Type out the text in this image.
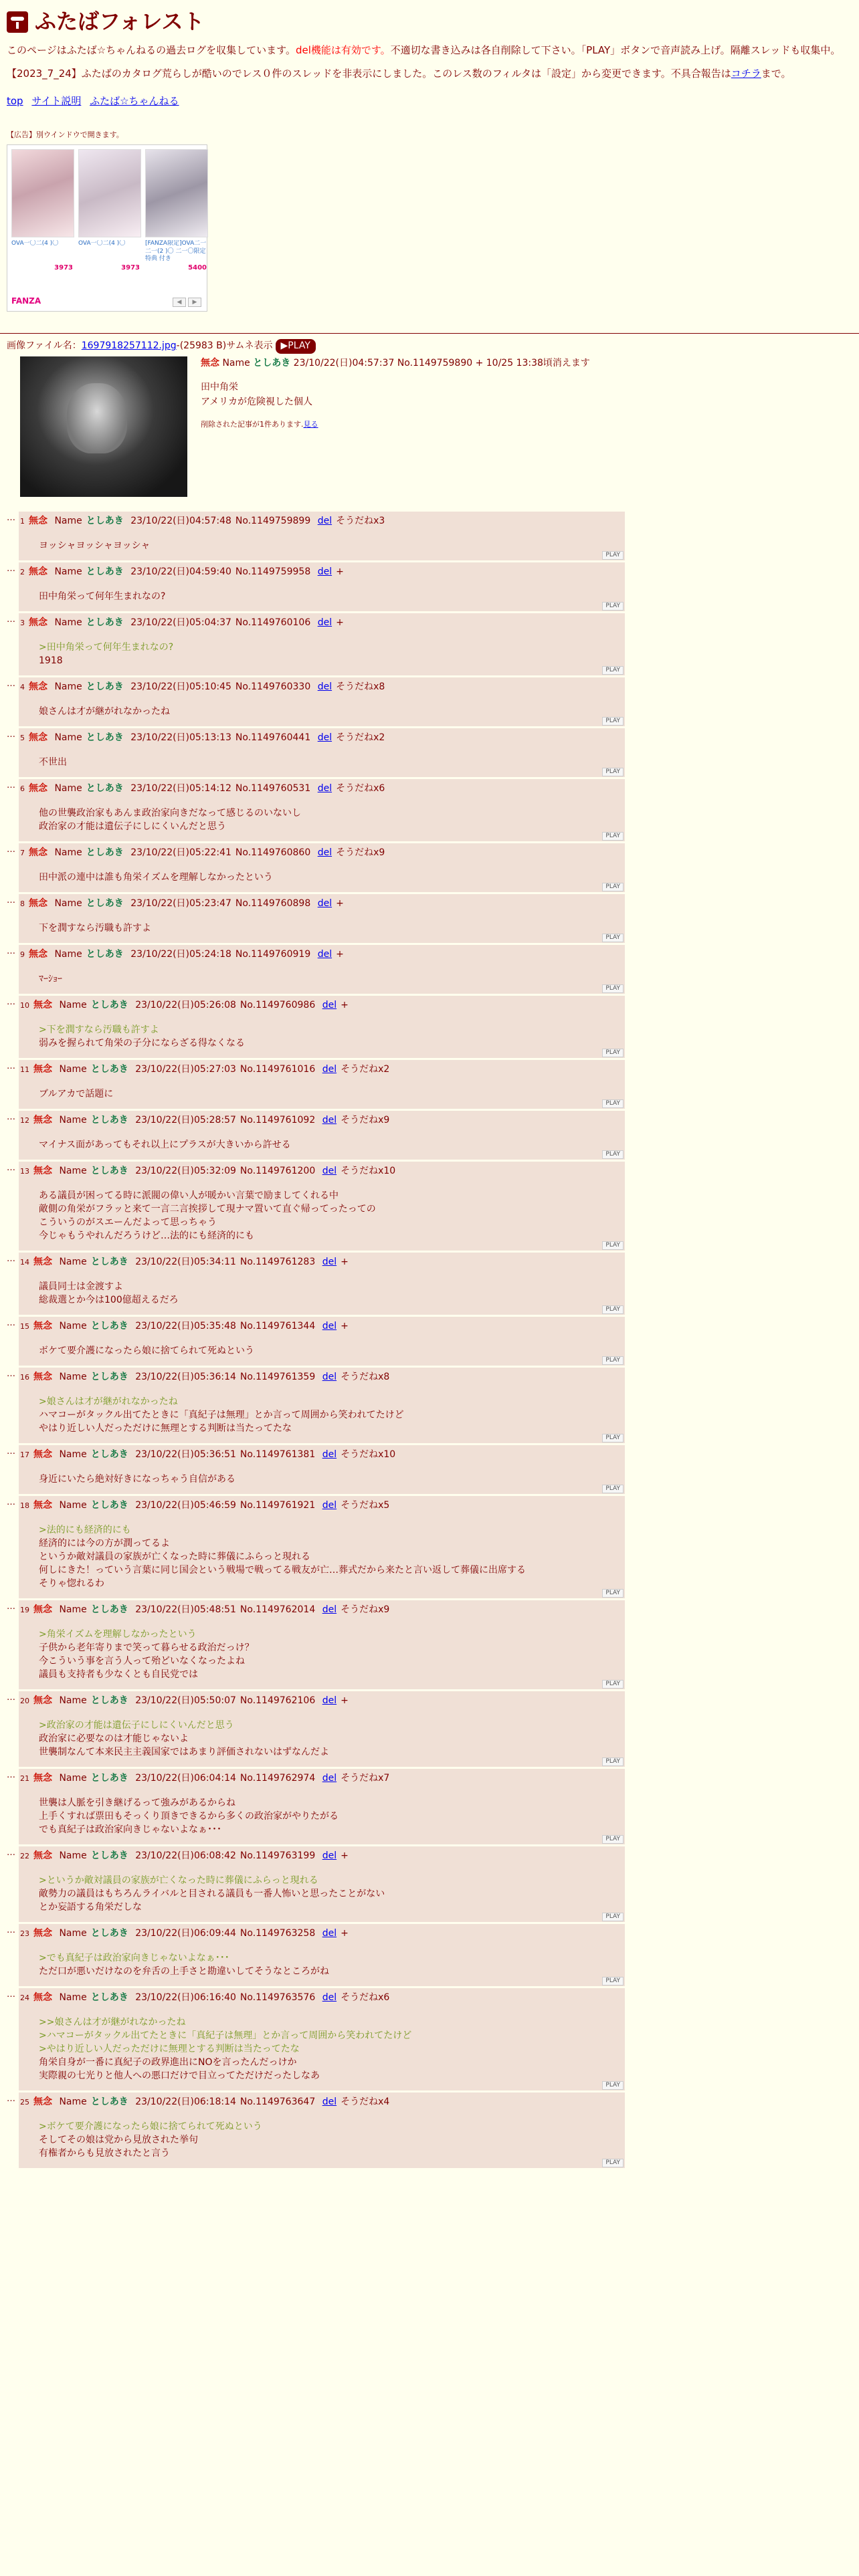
ふたばフォレスト

このページはふたば☆ちゃんねるの過去ログを収集しています。del機能は有効です。不適切な書き込みは各自削除して下さい。「PLAY」ボタンで音声読み上げ。隔離スレッドも収集中。

【2023_7_24】ふたばのカタログ荒らしが酷いのでレス０件のスレッドを非表示にしました。このレス数のフィルタは「設定」から変更できます。不具合報告はコチラまで。

top サイト説明 ふたば☆ちゃんねる
【広告】別ウインドウで開きます。
OVA一〇二(4 )〇
3973
OVA一〇二(4 )〇
3973
[FANZA限定]OVA二一二一(2 )〇 二一〇限定特典 付き
5400
FANZA	◀	▶
画像ファイル名：1697918257112.jpg-(25983 B)サムネ表示 ▶PLAY
無念 Name としあき 23/10/22(日)04:57:37 No.1149759890 + 10/25 13:38頃消えます
田中角栄
アメリカが危険視した個人
削除された記事が1件あります.見る
… 1 無念 Name としあき 23/10/22(日)04:57:48 No.1149759899 del そうだねx3
ヨッシャヨッシャヨッシャ
PLAY
… 2 無念 Name としあき 23/10/22(日)04:59:40 No.1149759958 del +
田中角栄って何年生まれなの?
PLAY
… 3 無念 Name としあき 23/10/22(日)05:04:37 No.1149760106 del +
>田中角栄って何年生まれなの?
1918
PLAY
… 4 無念 Name としあき 23/10/22(日)05:10:45 No.1149760330 del そうだねx8
娘さんは才が継がれなかったね
PLAY
… 5 無念 Name としあき 23/10/22(日)05:13:13 No.1149760441 del そうだねx2
不世出
PLAY
… 6 無念 Name としあき 23/10/22(日)05:14:12 No.1149760531 del そうだねx6
他の世襲政治家もあんま政治家向きだなって感じるのいないし
政治家の才能は遺伝子にしにくいんだと思う
PLAY
… 7 無念 Name としあき 23/10/22(日)05:22:41 No.1149760860 del そうだねx9
田中派の連中は誰も角栄イズムを理解しなかったという
PLAY
… 8 無念 Name としあき 23/10/22(日)05:23:47 No.1149760898 del +
下を潤すなら汚職も許すよ
PLAY
… 9 無念 Name としあき 23/10/22(日)05:24:18 No.1149760919 del +
ﾏｰｼｮｰ
PLAY
… 10 無念 Name としあき 23/10/22(日)05:26:08 No.1149760986 del +
>下を潤すなら汚職も許すよ
弱みを握られて角栄の子分にならざる得なくなる
PLAY
… 11 無念 Name としあき 23/10/22(日)05:27:03 No.1149761016 del そうだねx2
ブルアカで話題に
PLAY
… 12 無念 Name としあき 23/10/22(日)05:28:57 No.1149761092 del そうだねx9
マイナス面があってもそれ以上にプラスが大きいから許せる
PLAY
… 13 無念 Name としあき 23/10/22(日)05:32:09 No.1149761200 del そうだねx10
ある議員が困ってる時に派閥の偉い人が暖かい言葉で励ましてくれる中
敵側の角栄がフラッと来て一言二言挨拶して現ナマ置いて直ぐ帰ってったっての
こういうのがスエーんだよって思っちゃう
今じゃもうやれんだろうけど…法的にも経済的にも
PLAY
… 14 無念 Name としあき 23/10/22(日)05:34:11 No.1149761283 del +
議員同士は金渡すよ
総裁選とか今は100億超えるだろ
PLAY
… 15 無念 Name としあき 23/10/22(日)05:35:48 No.1149761344 del +
ボケて要介護になったら娘に捨てられて死ぬという
PLAY
… 16 無念 Name としあき 23/10/22(日)05:36:14 No.1149761359 del そうだねx8
>娘さんは才が継がれなかったね
ハマコーがタックル出てたときに「真紀子は無理」とか言って周囲から笑われてたけど
やはり近しい人だっただけに無理とする判断は当たってたな
PLAY
… 17 無念 Name としあき 23/10/22(日)05:36:51 No.1149761381 del そうだねx10
身近にいたら絶対好きになっちゃう自信がある
PLAY
… 18 無念 Name としあき 23/10/22(日)05:46:59 No.1149761921 del そうだねx5
>法的にも経済的にも
経済的には今の方が潤ってるよ
というか敵対議員の家族が亡くなった時に葬儀にふらっと現れる
何しにきた！っていう言葉に同じ国会という戦場で戦ってる戦友が亡…葬式だから来たと言い返して葬儀に出席する
そりゃ惚れるわ
PLAY
… 19 無念 Name としあき 23/10/22(日)05:48:51 No.1149762014 del そうだねx9
>角栄イズムを理解しなかったという
子供から老年寄りまで笑って暮らせる政治だっけ？
今こういう事を言う人って殆どいなくなったよね
議員も支持者も少なくとも自民党では
PLAY
… 20 無念 Name としあき 23/10/22(日)05:50:07 No.1149762106 del +
>政治家の才能は遺伝子にしにくいんだと思う
政治家に必要なのは才能じゃないよ
世襲制なんて本来民主主義国家ではあまり評価されないはずなんだよ
PLAY
… 21 無念 Name としあき 23/10/22(日)06:04:14 No.1149762974 del そうだねx7
世襲は人脈を引き継げるって強みがあるからね
上手くすれば票田もそっくり頂きできるから多くの政治家がやりたがる
でも真紀子は政治家向きじゃないよなぁ･･･
PLAY
… 22 無念 Name としあき 23/10/22(日)06:08:42 No.1149763199 del +
>というか敵対議員の家族が亡くなった時に葬儀にふらっと現れる
敵勢力の議員はもちろんライバルと目される議員も一番人怖いと思ったことがない
とか妄語する角栄だしな
PLAY
… 23 無念 Name としあき 23/10/22(日)06:09:44 No.1149763258 del +
>でも真紀子は政治家向きじゃないよなぁ･･･
ただ口が悪いだけなのを弁舌の上手さと勘違いしてそうなところがね
PLAY
… 24 無念 Name としあき 23/10/22(日)06:16:40 No.1149763576 del そうだねx6
>>娘さんは才が継がれなかったね
>ハマコーがタックル出てたときに「真紀子は無理」とか言って周囲から笑われてたけど
>やはり近しい人だっただけに無理とする判断は当たってたな
角栄自身が一番に真紀子の政界進出にNOを言ったんだっけか
実際親の七光りと他人への悪口だけで目立ってただけだったしなあ
PLAY
… 25 無念 Name としあき 23/10/22(日)06:18:14 No.1149763647 del そうだねx4
>ボケて要介護になったら娘に捨てられて死ぬという
そしてその娘は党から見放された挙句
有権者からも見放されたと言う
PLAY
